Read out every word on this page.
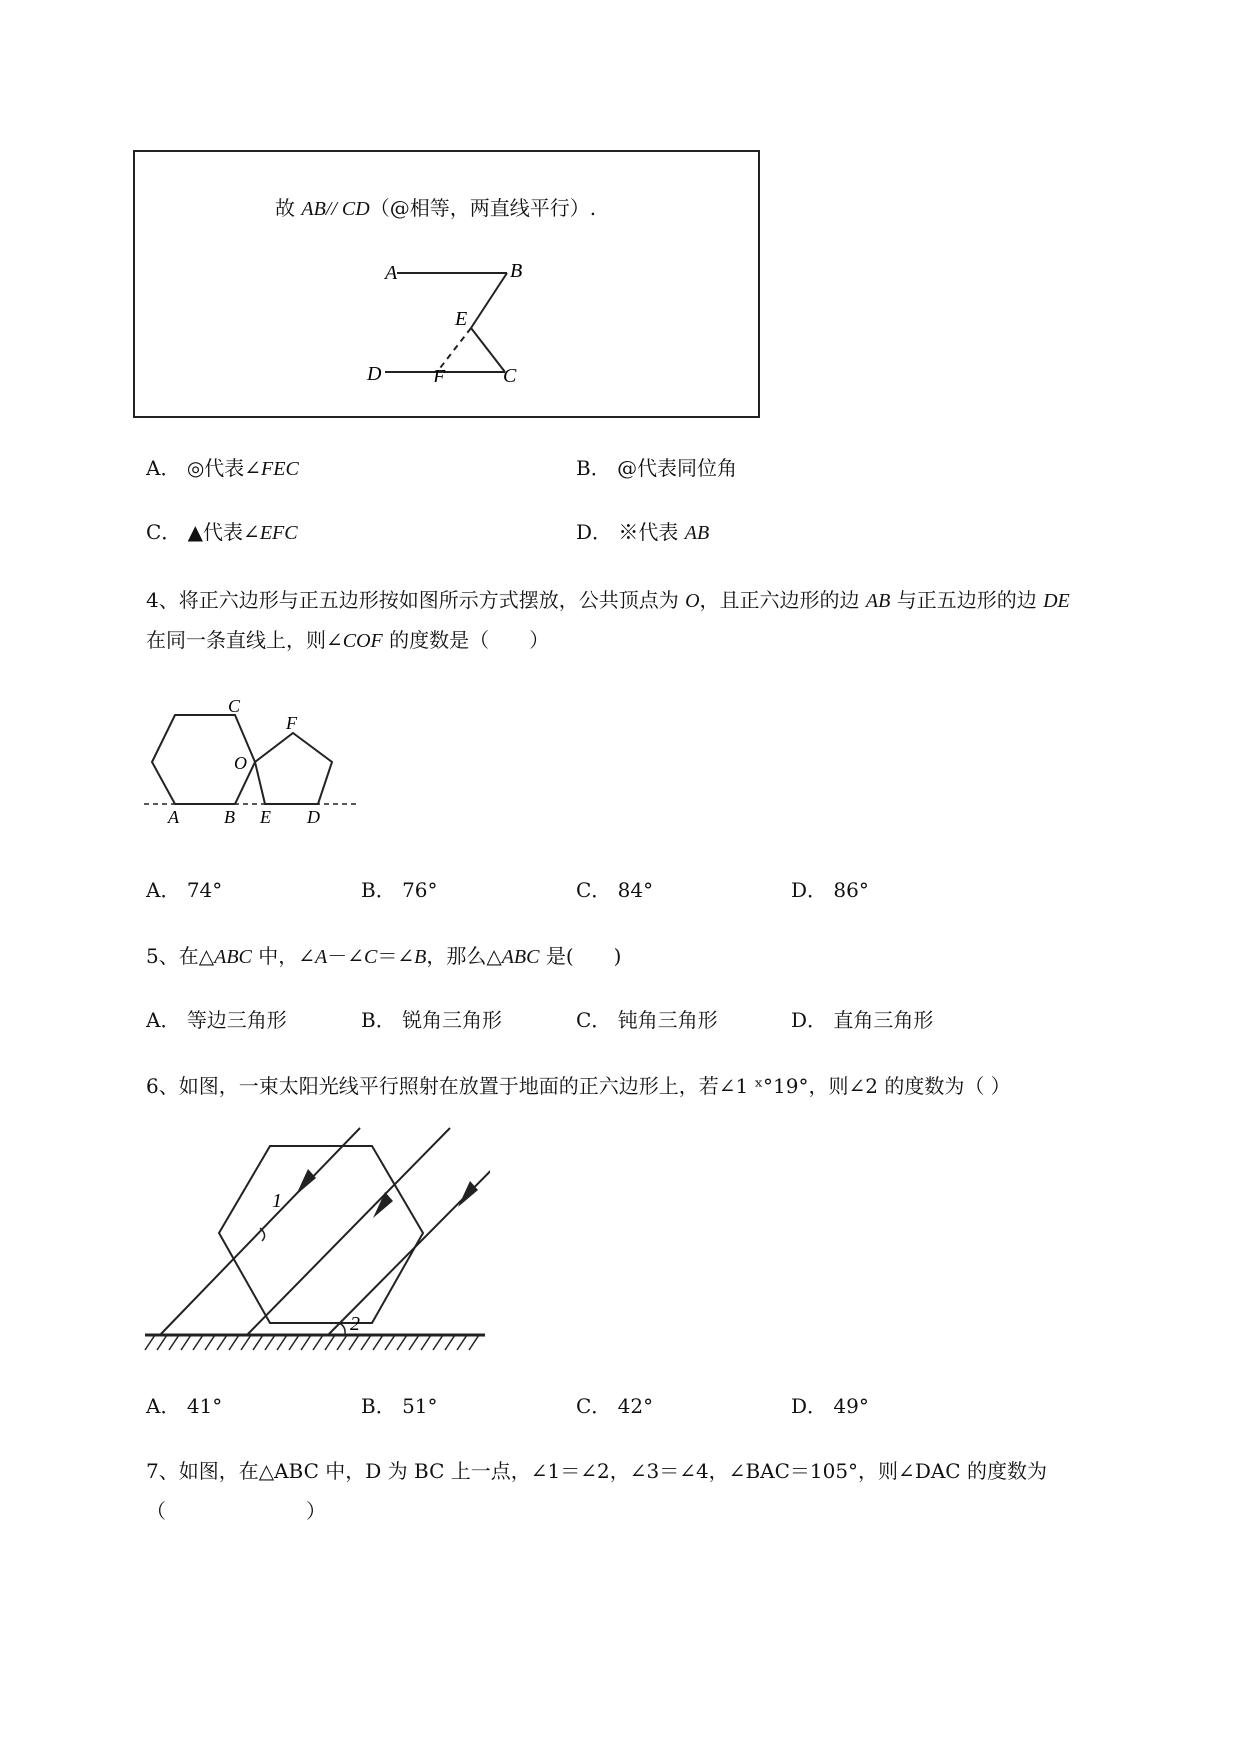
故 AB// CD（@相等，两直线平行）.
A	B
E
D	F	C
A． ◎代表∠FEC	B． @代表同位角
C． ▲代表∠EFC	D． ※代表 AB
4、将正六边形与正五边形按如图所示方式摆放，公共顶点为 O，且正六边形的边 AB 与正五边形的边 DE
在同一条直线上，则∠COF 的度数是（　　）
C
F
O
A	B E D
A． 74°	B． 76°	C． 84°	D． 86°
5、在△ABC 中，∠A－∠C＝∠B，那么△ABC 是(　　)
A． 等边三角形	B． 锐角三角形	C． 钝角三角形	D． 直角三角形
6、如图，一束太阳光线平行照射在放置于地面的正六边形上，若∠1 ˣ°19°，则∠2 的度数为（ ）
1
2
A． 41°	B． 51°	C． 42°	D． 49°
7、如图，在△ABC 中，D 为 BC 上一点，∠1＝∠2，∠3＝∠4，∠BAC＝105°，则∠DAC 的度数为
（　　　　　　　）
